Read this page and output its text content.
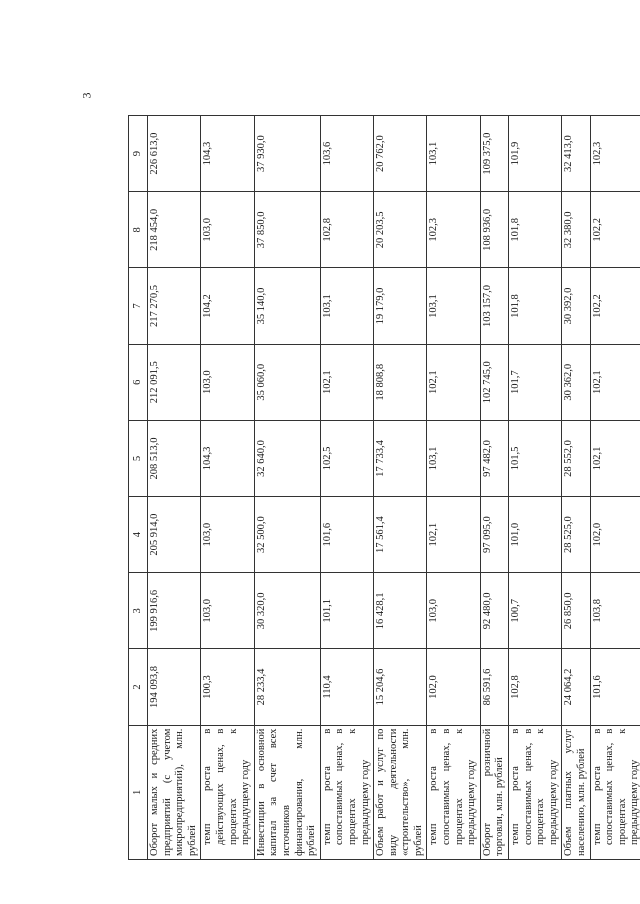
3
1	2	3	4	5	6	7	8	9
Оборот малых и средних предприятий (с учетом микропредприятий), млн. рублей	194 093,8	199 916,6	205 914,0	208 513,0	212 091,5	217 270,5	218 454,0	226 613,0
темп роста в действующих ценах, в процентах к предыдущему году	100,3	103,0	103,0	104,3	103,0	104,2	103,0	104,3
Инвестиции в основной капитал за счет всех источников финансирования, млн. рублей	28 233,4	30 320,0	32 500,0	32 640,0	35 060,0	35 140,0	37 850,0	37 930,0
темп роста в сопоставимых ценах, в процентах к предыдущему году	110,4	101,1	101,6	102,5	102,1	103,1	102,8	103,6
Объем работ и услуг по виду деятельности «строительство», млн. рублей	15 204,6	16 428,1	17 561,4	17 733,4	18 808,8	19 179,0	20 203,5	20 762,0
темп роста в сопоставимых ценах, в процентах к предыдущему году	102,0	103,0	102,1	103,1	102,1	103,1	102,3	103,1
Оборот розничной торговли, млн. рублей	86 591,6	92 480,0	97 095,0	97 482,0	102 745,0	103 157,0	108 936,0	109 375,0
темп роста в сопоставимых ценах, в процентах к предыдущему году	102,8	100,7	101,0	101,5	101,7	101,8	101,8	101,9
Объем платных услуг населению, млн. рублей	24 064,2	26 850,0	28 525,0	28 552,0	30 362,0	30 392,0	32 380,0	32 413,0
темп роста в сопоставимых ценах, в процентах к предыдущему году	101,6	103,8	102,0	102,1	102,1	102,2	102,2	102,3
